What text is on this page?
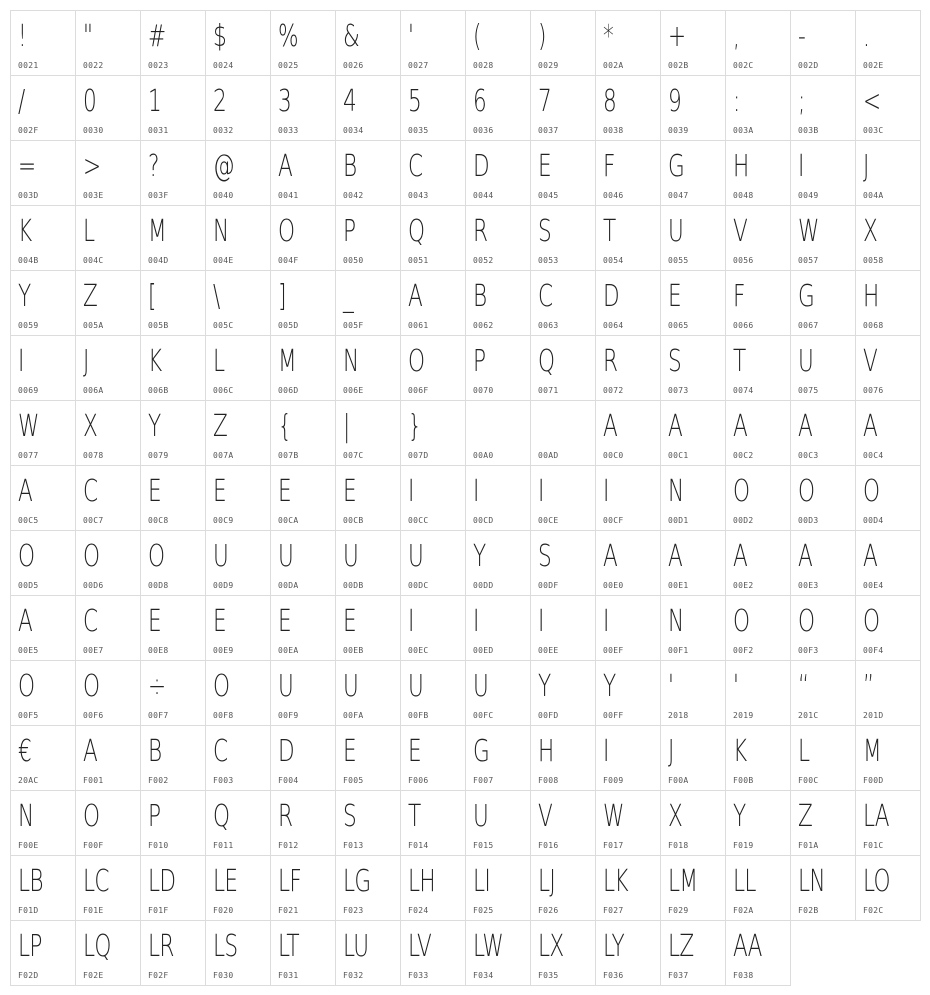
!
0021
"
0022
#
0023
$
0024
%
0025
&
0026
'
0027
(
0028
)
0029
*
002A
+
002B
,
002C
-
002D
.
002E
/
002F
0
0030
1
0031
2
0032
3
0033
4
0034
5
0035
6
0036
7
0037
8
0038
9
0039
:
003A
;
003B
<
003C
=
003D
>
003E
?
003F
@
0040
A
0041
B
0042
C
0043
D
0044
E
0045
F
0046
G
0047
H
0048
I
0049
J
004A
K
004B
L
004C
M
004D
N
004E
O
004F
P
0050
Q
0051
R
0052
S
0053
T
0054
U
0055
V
0056
W
0057
X
0058
Y
0059
Z
005A
[
005B
\
005C
]
005D
_
005F
A
0061
B
0062
C
0063
D
0064
E
0065
F
0066
G
0067
H
0068
I
0069
J
006A
K
006B
L
006C
M
006D
N
006E
O
006F
P
0070
Q
0071
R
0072
S
0073
T
0074
U
0075
V
0076
W
0077
X
0078
Y
0079
Z
007A
{
007B
|
007C
}
007D	00A0	00AD
A
00C0
A
00C1
A
00C2
A
00C3
A
00C4
A
00C5
C
00C7
E
00C8
E
00C9
E
00CA
E
00CB
I
00CC
I
00CD
I
00CE
I
00CF
N
00D1
O
00D2
O
00D3
O
00D4
O
00D5
O
00D6
O
00D8
U
00D9
U
00DA
U
00DB
U
00DC
Y
00DD
S
00DF
A
00E0
A
00E1
A
00E2
A
00E3
A
00E4
A
00E5
C
00E7
E
00E8
E
00E9
E
00EA
E
00EB
I
00EC
I
00ED
I
00EE
I
00EF
N
00F1
O
00F2
O
00F3
O
00F4
O
00F5
O
00F6
÷
00F7
O
00F8
U
00F9
U
00FA
U
00FB
U
00FC
Y
00FD
Y
00FF
'
2018
'
2019
“
201C
”
201D
€
20AC
A
F001
B
F002
C
F003
D
F004
E
F005
E
F006
G
F007
H
F008
I
F009
J
F00A
K
F00B
L
F00C
M
F00D
N
F00E
O
F00F
P
F010
Q
F011
R
F012
S
F013
T
F014
U
F015
V
F016
W
F017
X
F018
Y
F019
Z
F01A
LA
F01C
LB
F01D
LC
F01E
LD
F01F
LE
F020
LF
F021
LG
F023
LH
F024
LI
F025
LJ
F026
LK
F027
LM
F029
LL
F02A
LN
F02B
LO
F02C
LP
F02D
LQ
F02E
LR
F02F
LS
F030
LT
F031
LU
F032
LV
F033
LW
F034
LX
F035
LY
F036
LZ
F037
AA
F038
